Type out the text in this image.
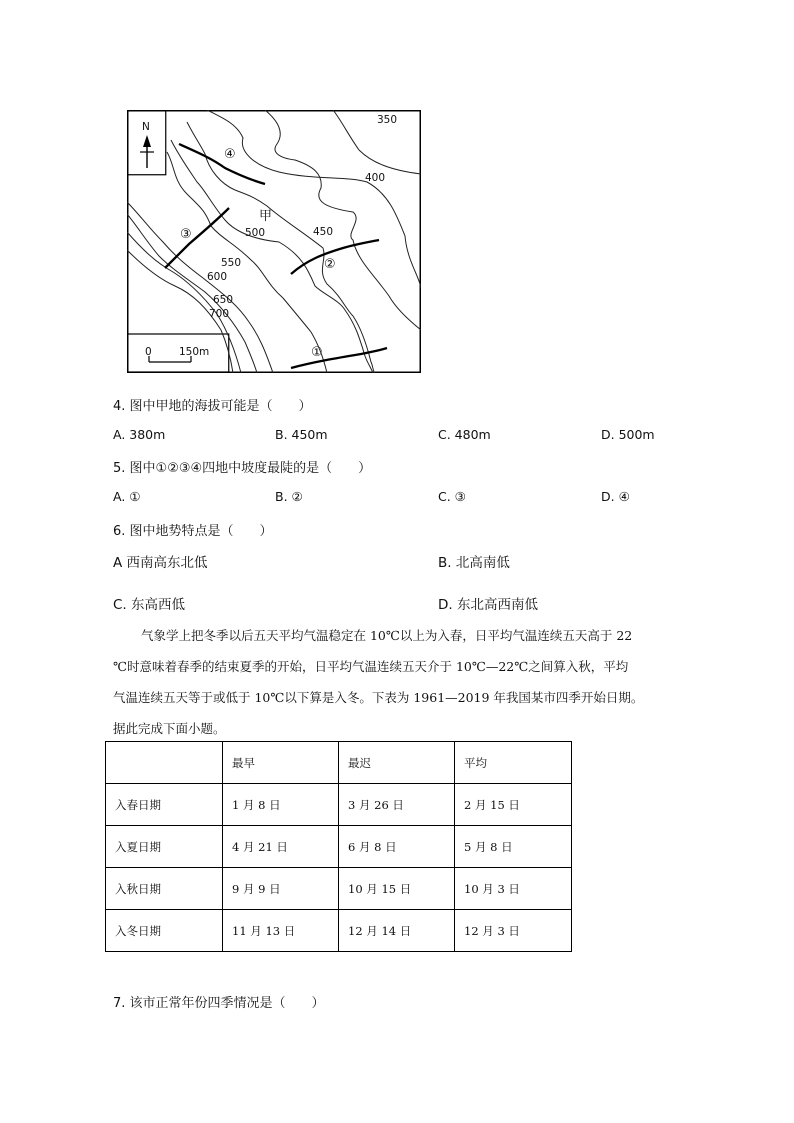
N
0	150m
350
400
450
500
550
600
650
700
甲
①
②
③
④
4. 图中甲地的海拔可能是（　　）
A. 380m	B. 450m	C. 480m	D. 500m
5. 图中①②③④四地中坡度最陡的是（　　）
A. ①	B. ②	C. ③	D. ④
6. 图中地势特点是（　　）
A 西南高东北低	B. 北高南低
C. 东高西低	D. 东北高西南低

气象学上把冬季以后五天平均气温稳定在 10℃以上为入春，日平均气温连续五天高于 22

℃时意味着春季的结束夏季的开始，日平均气温连续五天介于 10℃—22℃之间算入秋，平均

气温连续五天等于或低于 10℃以下算是入冬。下表为 1961—2019 年我国某市四季开始日期。

据此完成下面小题。

	最早	最迟	平均
入春日期	1 月 8 日	3 月 26 日	2 月 15 日
入夏日期	4 月 21 日	6 月 8 日	5 月 8 日
入秋日期	9 月 9 日	10 月 15 日	10 月 3 日
入冬日期	11 月 13 日	12 月 14 日	12 月 3 日
7. 该市正常年份四季情况是（　　）
